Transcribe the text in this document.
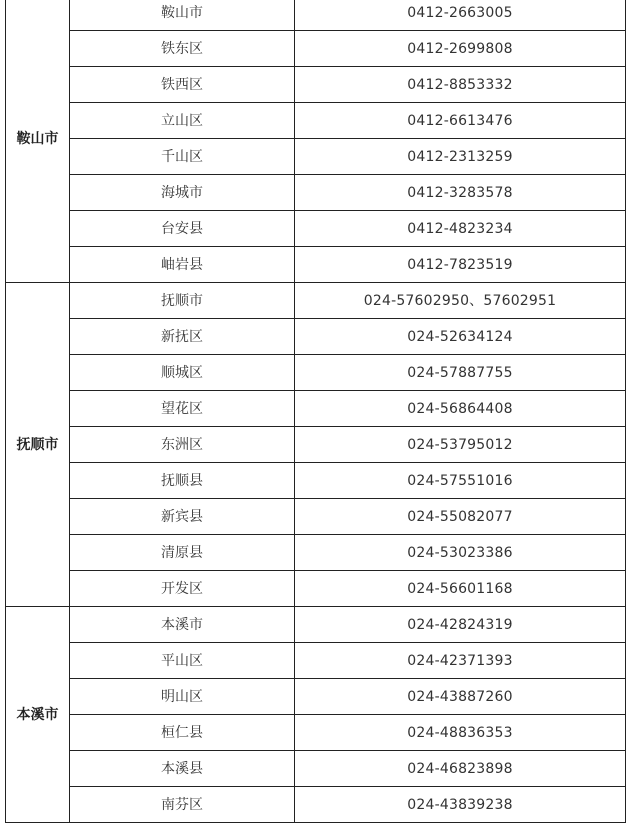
鞍山市	鞍山市	0412-2663005
	铁东区	0412-2699808
	铁西区	0412-8853332
	立山区	0412-6613476
	千山区	0412-2313259
	海城市	0412-3283578
	台安县	0412-4823234
	岫岩县	0412-7823519
抚顺市	抚顺市	024-57602950、57602951
	新抚区	024-52634124
	顺城区	024-57887755
	望花区	024-56864408
	东洲区	024-53795012
	抚顺县	024-57551016
	新宾县	024-55082077
	清原县	024-53023386
	开发区	024-56601168
本溪市	本溪市	024-42824319
	平山区	024-42371393
	明山区	024-43887260
	桓仁县	024-48836353
	本溪县	024-46823898
	南芬区	024-43839238
